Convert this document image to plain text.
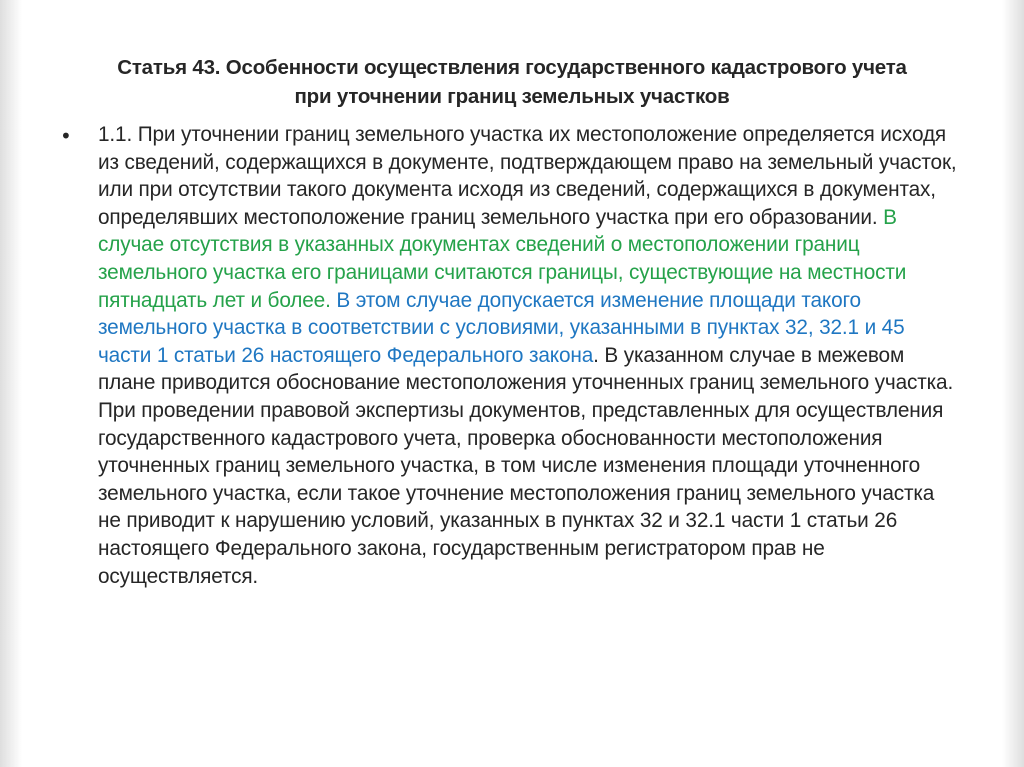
Статья 43. Особенности осуществления государственного кадастрового учета
при уточнении границ земельных участков
• 1.1. При уточнении границ земельного участка их местоположение определяется исходя из сведений, содержащихся в документе, подтверждающем право на земельный участок, или при отсутствии такого документа исходя из сведений, содержащихся в документах, определявших местоположение границ земельного участка при его образовании. В случае отсутствия в указанных документах сведений о местоположении границ земельного участка его границами считаются границы, существующие на местности пятнадцать лет и более. В этом случае допускается изменение площади такого земельного участка в соответствии с условиями, указанными в пунктах 32, 32.1 и 45 части 1 статьи 26 настоящего Федерального закона. В указанном случае в межевом плане приводится обоснование местоположения уточненных границ земельного участка. При проведении правовой экспертизы документов, представленных для осуществления государственного кадастрового учета, проверка обоснованности местоположения уточненных границ земельного участка, в том числе изменения площади уточненного земельного участка, если такое уточнение местоположения границ земельного участка не приводит к нарушению условий, указанных в пунктах 32 и 32.1 части 1 статьи 26 настоящего Федерального закона, государственным регистратором прав не осуществляется.
